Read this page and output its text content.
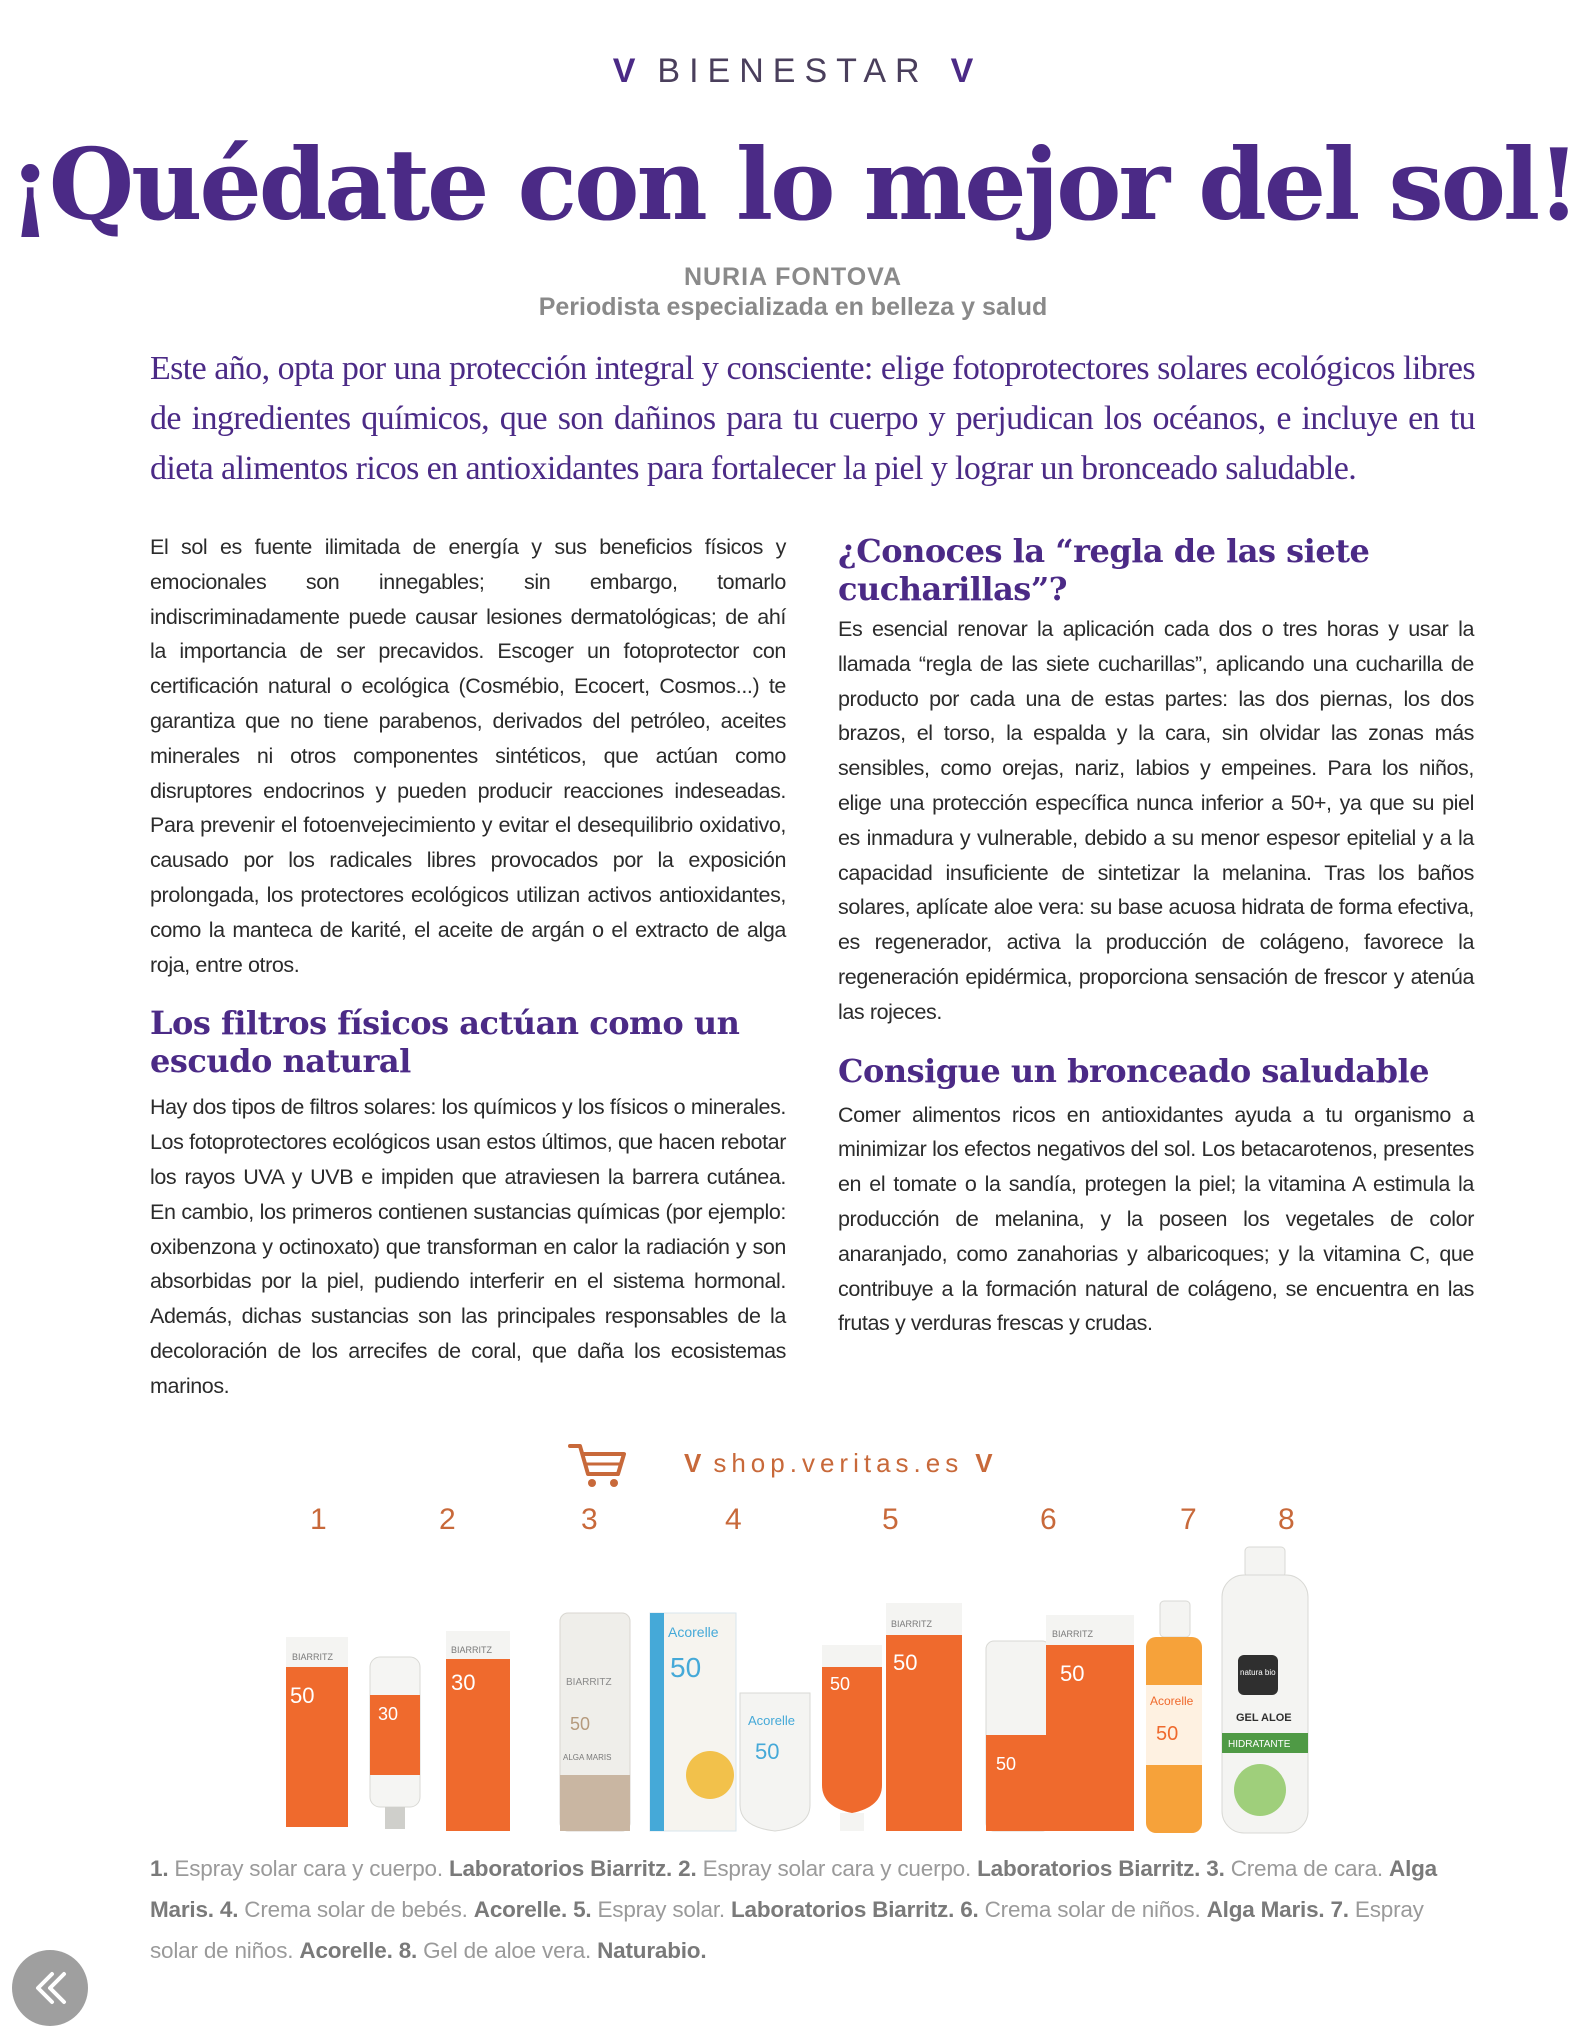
V BIENESTAR V
¡Quédate con lo mejor del sol!
NURIA FONTOVA
Periodista especializada en belleza y salud

Este año, opta por una protección integral y consciente: elige fotoprotectores solares ecológicos libres de ingredientes químicos, que son dañinos para tu cuerpo y perjudican los océanos, e incluye en tu dieta alimentos ricos en antioxidantes para fortalecer la piel y lograr un bronceado saludable.

El sol es fuente ilimitada de energía y sus beneficios físicos y emocionales son innegables; sin embargo, tomarlo indiscriminadamente puede causar lesiones dermatológicas; de ahí la importancia de ser precavidos. Escoger un fotoprotector con certificación natural o ecológica (Cosmébio, Ecocert, Cosmos...) te garantiza que no tiene parabenos, derivados del petróleo, aceites minerales ni otros componentes sintéticos, que actúan como disruptores endocrinos y pueden producir reacciones indeseadas. Para prevenir el fotoenvejecimiento y evitar el desequilibrio oxidativo, causado por los radicales libres provocados por la exposición prolongada, los protectores ecológicos utilizan activos antioxidantes, como la manteca de karité, el aceite de argán o el extracto de alga roja, entre otros.

Los filtros físicos actúan como un escudo natural

Hay dos tipos de filtros solares: los químicos y los físicos o minerales. Los fotoprotectores ecológicos usan estos últimos, que hacen rebotar los rayos UVA y UVB e impiden que atraviesen la barrera cutánea. En cambio, los primeros contienen sustancias químicas (por ejemplo: oxibenzona y octinoxato) que transforman en calor la radiación y son absorbidas por la piel, pudiendo interferir en el sistema hormonal. Además, dichas sustancias son las principales responsables de la decoloración de los arrecifes de coral, que daña los ecosistemas marinos.

¿Conoces la “regla de las siete cucharillas”?

Es esencial renovar la aplicación cada dos o tres horas y usar la llamada “regla de las siete cucharillas”, aplicando una cucharilla de producto por cada una de estas partes: las dos piernas, los dos brazos, el torso, la espalda y la cara, sin olvidar las zonas más sensibles, como orejas, nariz, labios y empeines. Para los niños, elige una protección específica nunca inferior a 50+, ya que su piel es inmadura y vulnerable, debido a su menor espesor epitelial y a la capacidad insuficiente de sintetizar la melanina. Tras los baños solares, aplícate aloe vera: su base acuosa hidrata de forma efectiva, es regenerador, activa la producción de colágeno, favorece la regeneración epidérmica, proporciona sensación de frescor y atenúa las rojeces.

Consigue un bronceado saludable

Comer alimentos ricos en antioxidantes ayuda a tu organismo a minimizar los efectos negativos del sol. Los betacarotenos, presentes en el tomate o la sandía, protegen la piel; la vitamina A estimula la producción de melanina, y la poseen los vegetales de color anaranjado, como zanahorias y albaricoques; y la vitamina C, que contribuye a la formación natural de colágeno, se encuentra en las frutas y verduras frescas y crudas.

V shop.veritas.es V
1	2	3	4	5	6	7	8
BIARRITZ
50
30
BIARRITZ
30	BIARRITZ
50
ALGA MARIS
Acorelle
50
Acorelle
50
50
BIARRITZ
50
50
BIARRITZ
50
Acorelle
50
natura bio
GEL ALOE
HIDRATANTE
1. Espray solar cara y cuerpo. Laboratorios Biarritz. 2. Espray solar cara y cuerpo. Laboratorios Biarritz. 3. Crema de cara. Alga Maris. 4. Crema solar de bebés. Acorelle. 5. Espray solar. Laboratorios Biarritz. 6. Crema solar de niños. Alga Maris. 7. Espray solar de niños. Acorelle. 8. Gel de aloe vera. Naturabio.
